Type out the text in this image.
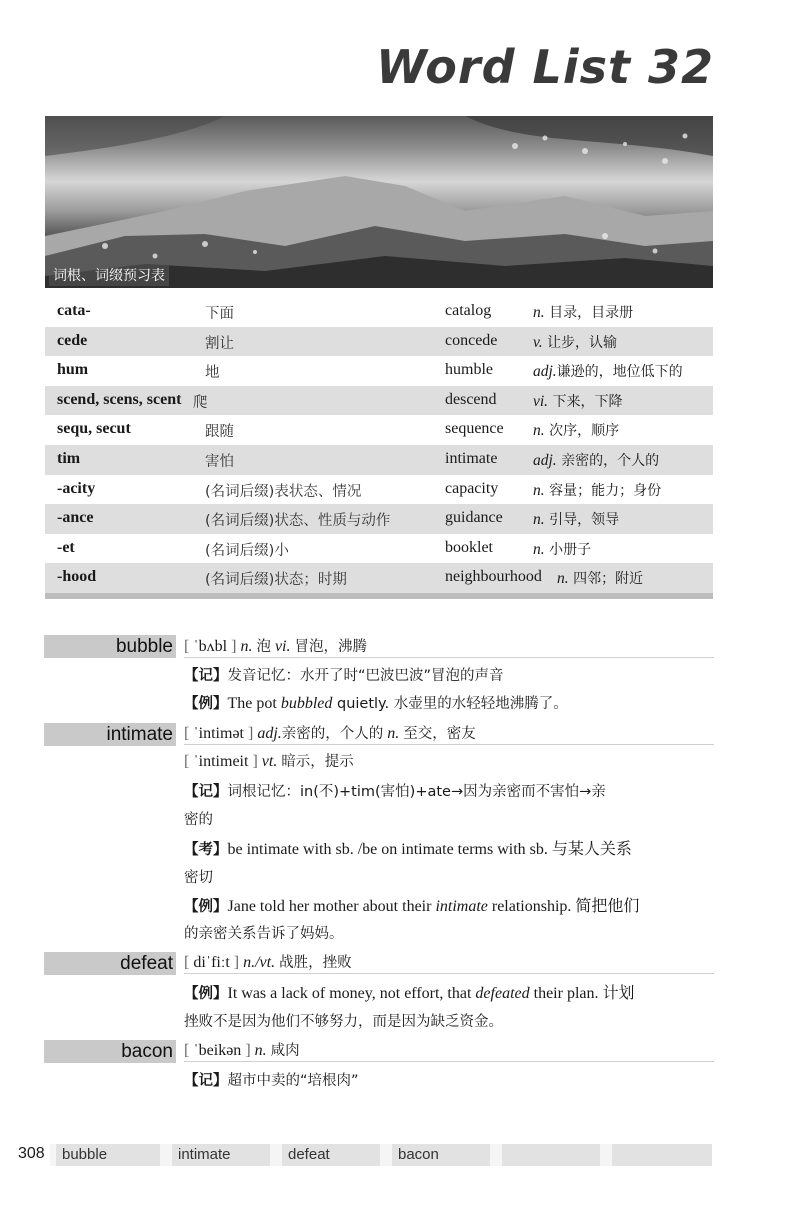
Word List 32
词根、词缀预习表
cata-	下面	catalog	n. 目录，目录册
cede	割让	concede v. 让步，认输
hum	地	humble	adj.谦逊的，地位低下的
scend, scens, scent 爬	descend vi. 下来，下降
sequ, secut	跟随	sequence n. 次序，顺序
tim	害怕	intimate adj. 亲密的，个人的
-acity	(名词后缀)表状态、情况	capacity n. 容量；能力；身份
-ance	(名词后缀)状态、性质与动作	guidance n. 引导，领导
-et	(名词后缀)小	booklet	n. 小册子
-hood	(名词后缀)状态；时期	neighbourhood n. 四邻；附近
bubble [ ˈbʌbl ] n. 泡 vi. 冒泡，沸腾
【记】发音记忆：水开了时“巴波巴波”冒泡的声音
【例】The pot bubbled quietly. 水壶里的水轻轻地沸腾了。
intimate [ ˈintimət ] adj.亲密的，个人的 n. 至交，密友
[ ˈintimeit ] vt. 暗示，提示
【记】词根记忆：in(不)+tim(害怕)+ate→因为亲密而不害怕→亲
密的
【考】be intimate with sb. /be on intimate terms with sb. 与某人关系
密切
【例】Jane told her mother about their intimate relationship. 简把他们
的亲密关系告诉了妈妈。
defeat [ diˈfiːt ] n./vt. 战胜，挫败
【例】It was a lack of money, not effort, that defeated their plan. 计划
挫败不是因为他们不够努力，而是因为缺乏资金。
bacon [ ˈbeikən ] n. 咸肉
【记】超市中卖的“培根肉”
308	bubble	intimate	defeat	bacon
